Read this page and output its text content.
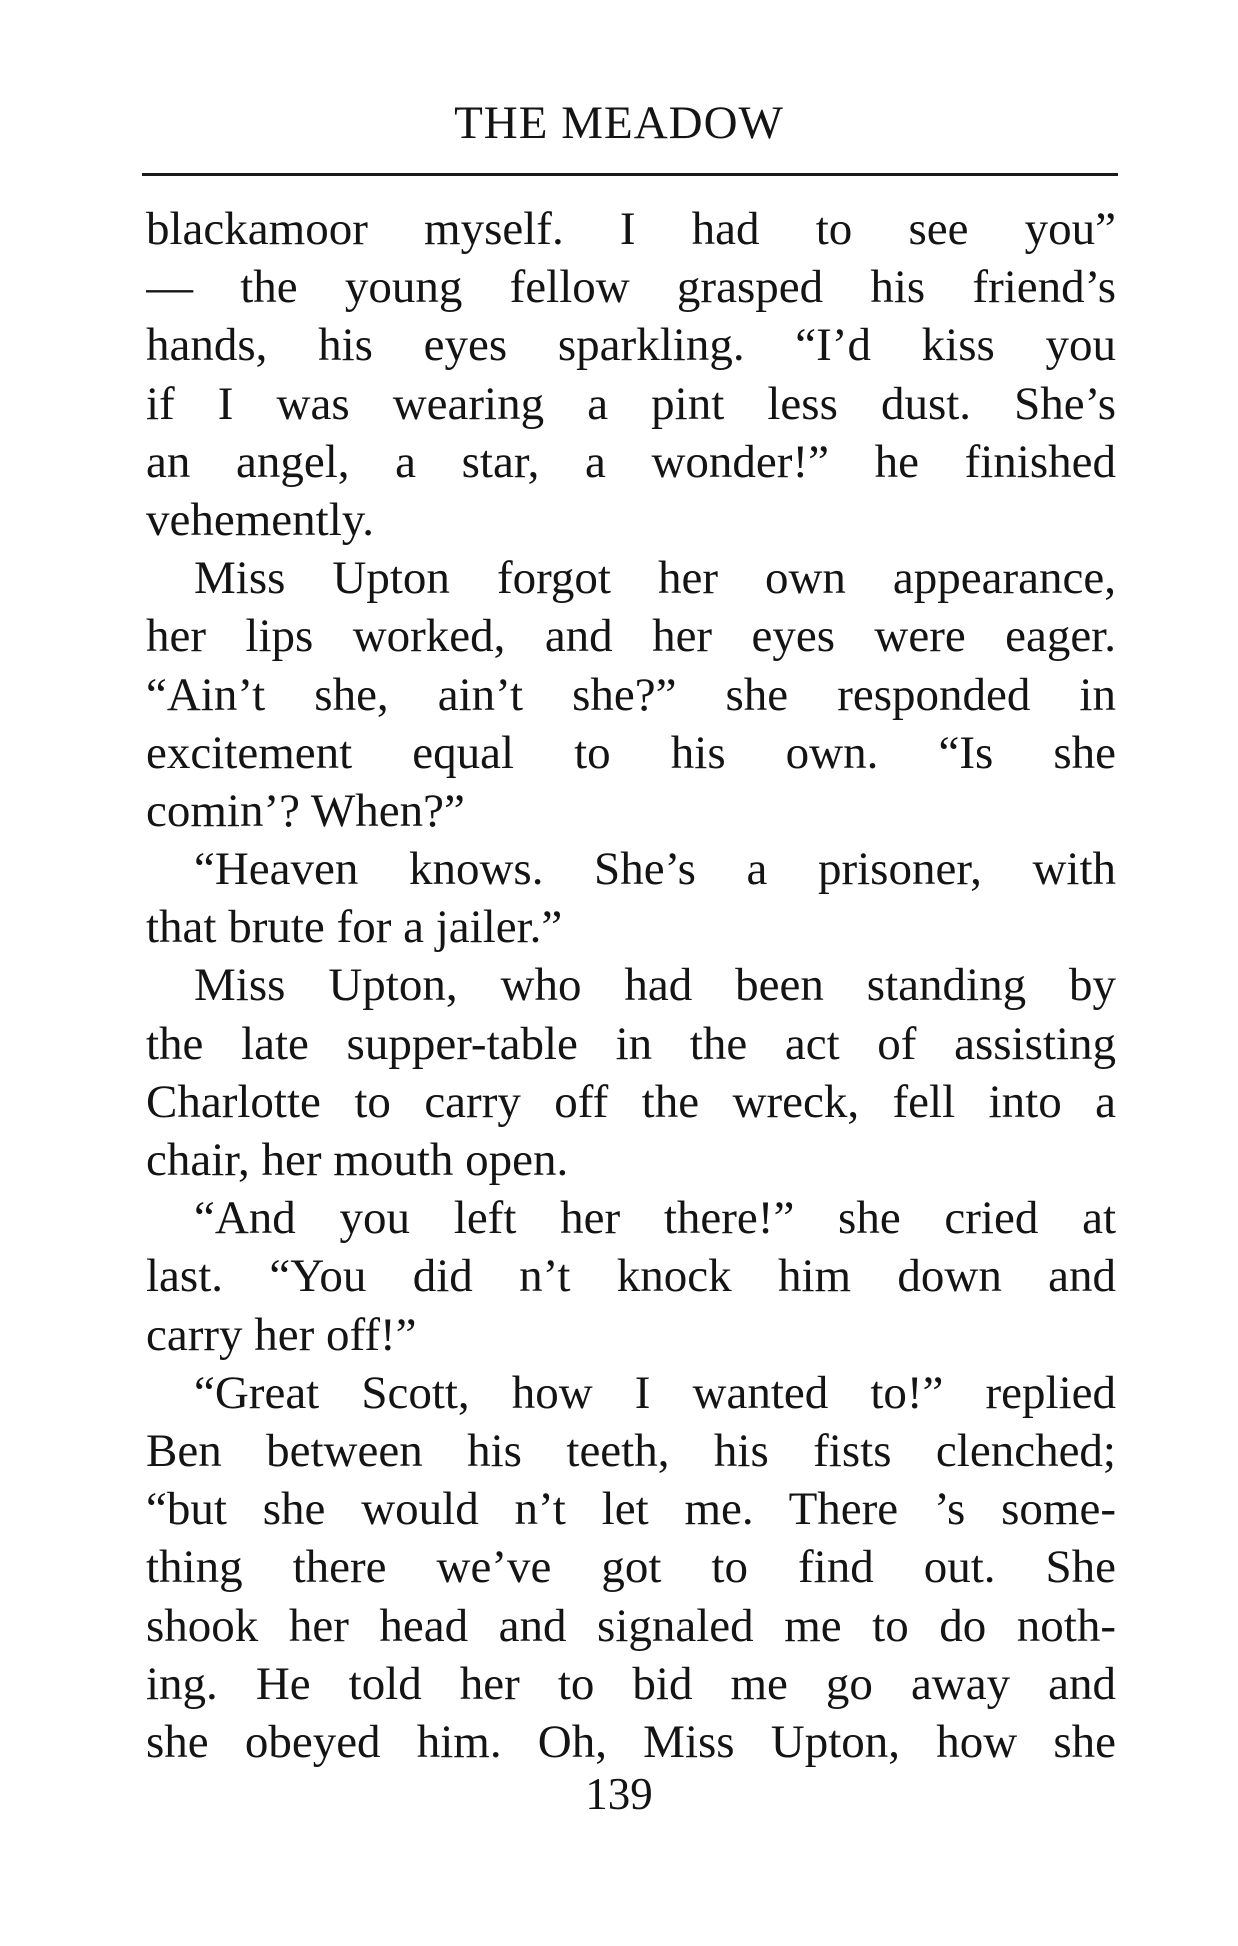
THE MEADOW
blackamoor myself. I had to see you”
— the young fellow grasped his friend’s
hands, his eyes sparkling. “I’d kiss you
if I was wearing a pint less dust. She’s
an angel, a star, a wonder!” he finished
vehemently.
Miss Upton forgot her own appearance,
her lips worked, and her eyes were eager.
“Ain’t she, ain’t she?” she responded in
excitement equal to his own. “Is she
comin’? When?”
“Heaven knows. She’s a prisoner, with
that brute for a jailer.”
Miss Upton, who had been standing by
the late supper-table in the act of assisting
Charlotte to carry off the wreck, fell into a
chair, her mouth open.
“And you left her there!” she cried at
last. “You did n’t knock him down and
carry her off!”
“Great Scott, how I wanted to!” replied
Ben between his teeth, his fists clenched;
“but she would n’t let me. There ’s some-
thing there we’ve got to find out. She
shook her head and signaled me to do noth-
ing. He told her to bid me go away and
she obeyed him. Oh, Miss Upton, how she
139
